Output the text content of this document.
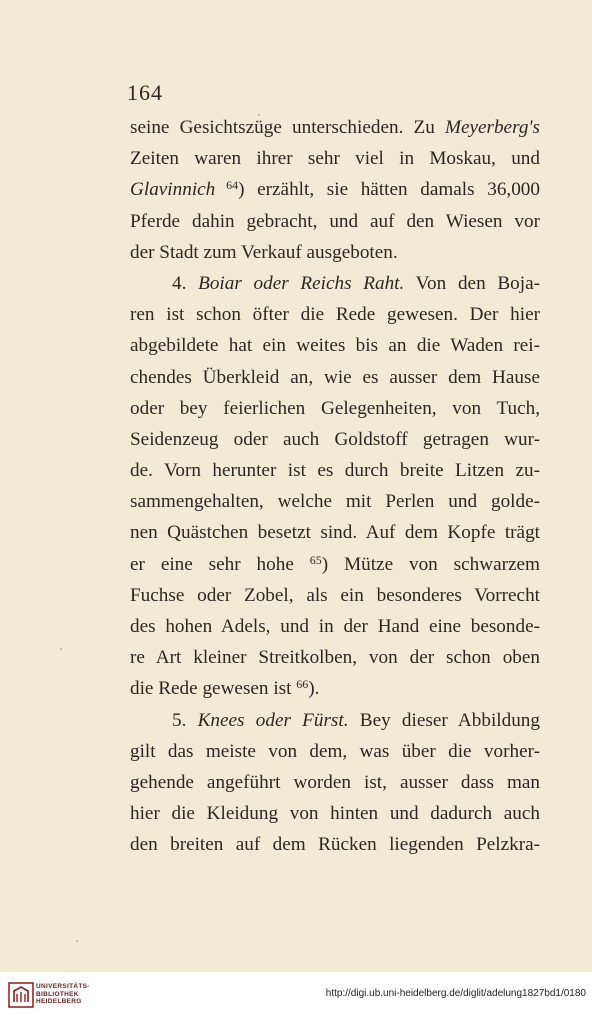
164
seine Gesichtszüge unterschieden. Zu Meyerberg's
Zeiten waren ihrer sehr viel in Moskau, und
Glavinnich $^{64}$) erzählt, sie hätten damals 36,000
Pferde dahin gebracht, und auf den Wiesen vor
der Stadt zum Verkauf ausgeboten.
4. Boiar oder Reichs Raht. Von den Boja-
ren ist schon öfter die Rede gewesen. Der hier
abgebildete hat ein weites bis an die Waden rei-
chendes Überkleid an, wie es ausser dem Hause
oder bey feierlichen Gelegenheiten, von Tuch,
Seidenzeug oder auch Goldstoff getragen wur-
de. Vorn herunter ist es durch breite Litzen zu-
sammengehalten, welche mit Perlen und golde-
nen Quästchen besetzt sind. Auf dem Kopfe trägt
er eine sehr hohe $^{65}$) Mütze von schwarzem
Fuchse oder Zobel, als ein besonderes Vorrecht
des hohen Adels, und in der Hand eine besonde-
re Art kleiner Streitkolben, von der schon oben
die Rede gewesen ist $^{66}$).
5. Knees oder Fürst. Bey dieser Abbildung
gilt das meiste von dem, was über die vorher-
gehende angeführt worden ist, ausser dass man
hier die Kleidung von hinten und dadurch auch
den breiten auf dem Rücken liegenden Pelzkra-
UNIVERSITÄTS-
BIBLIOTHEK
HEIDELBERG
http://digi.ub.uni-heidelberg.de/diglit/adelung1827bd1/0180
